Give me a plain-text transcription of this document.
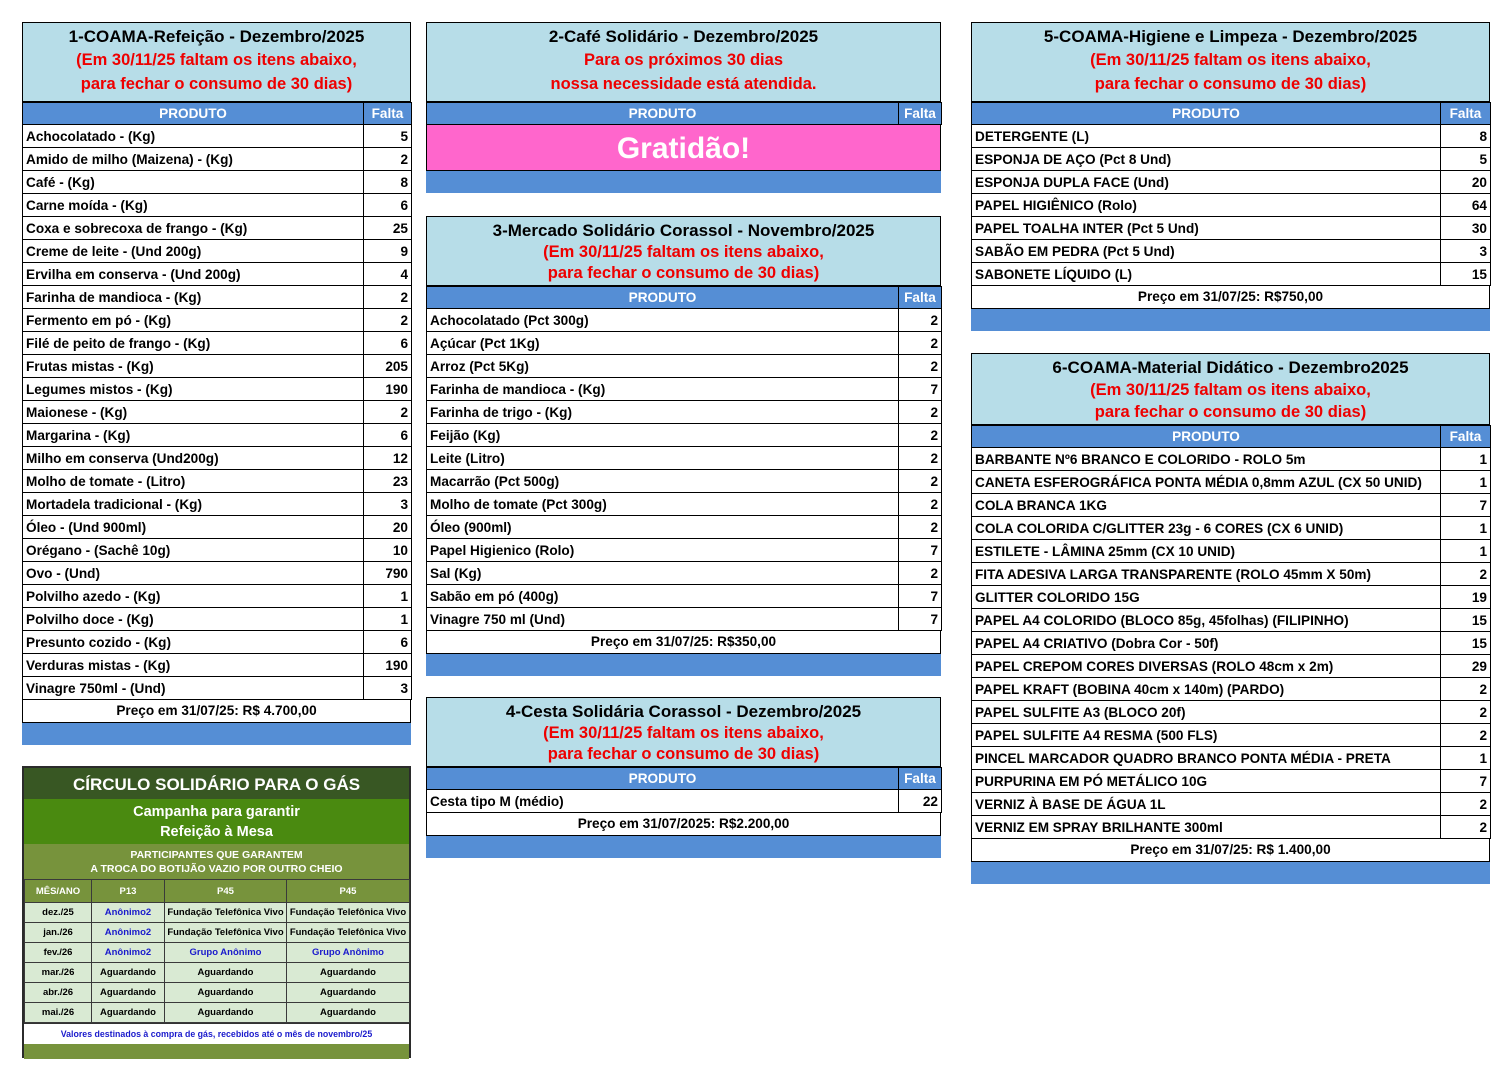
1-COAMA-Refeição - Dezembro/2025
(Em 30/11/25 faltam os itens abaixo,
para fechar o consumo de 30 dias)
PRODUTO	Falta
Achocolatado - (Kg)	5
Amido de milho (Maizena) - (Kg)	2
Café - (Kg)	8
Carne moída - (Kg)	6
Coxa e sobrecoxa de frango - (Kg)	25
Creme de leite - (Und 200g)	9
Ervilha em conserva - (Und 200g)	4
Farinha de mandioca - (Kg)	2
Fermento em pó - (Kg)	2
Filé de peito de frango - (Kg)	6
Frutas mistas - (Kg)	205
Legumes mistos - (Kg)	190
Maionese - (Kg)	2
Margarina - (Kg)	6
Milho em conserva (Und200g)	12
Molho de tomate - (Litro)	23
Mortadela tradicional - (Kg)	3
Óleo - (Und 900ml)	20
Orégano - (Sachê 10g)	10
Ovo - (Und)	790
Polvilho azedo - (Kg)	1
Polvilho doce - (Kg)	1
Presunto cozido - (Kg)	6
Verduras mistas - (Kg)	190
Vinagre 750ml - (Und)	3
Preço em 31/07/25: R$ 4.700,00
2-Café Solidário - Dezembro/2025
Para os próximos 30 dias
nossa necessidade está atendida.
PRODUTO	Falta
Gratidão!
3-Mercado Solidário Corassol - Novembro/2025
(Em 30/11/25 faltam os itens abaixo,
para fechar o consumo de 30 dias)
PRODUTO	Falta
Achocolatado (Pct 300g)	2
Açúcar (Pct 1Kg)	2
Arroz (Pct 5Kg)	2
Farinha de mandioca - (Kg)	7
Farinha de trigo - (Kg)	2
Feijão (Kg)	2
Leite (Litro)	2
Macarrão (Pct 500g)	2
Molho de tomate (Pct 300g)	2
Óleo (900ml)	2
Papel Higienico (Rolo)	7
Sal (Kg)	2
Sabão em pó (400g)	7
Vinagre 750 ml (Und)	7
Preço em 31/07/25: R$350,00
4-Cesta Solidária Corassol - Dezembro/2025
(Em 30/11/25 faltam os itens abaixo,
para fechar o consumo de 30 dias)
PRODUTO	Falta
Cesta tipo M (médio)	22
Preço em 31/07/2025: R$2.200,00
5-COAMA-Higiene e Limpeza - Dezembro/2025
(Em 30/11/25 faltam os itens abaixo,
para fechar o consumo de 30 dias)
PRODUTO	Falta
DETERGENTE (L)	8
ESPONJA DE AÇO (Pct 8 Und)	5
ESPONJA DUPLA FACE (Und)	20
PAPEL HIGIÊNICO (Rolo)	64
PAPEL TOALHA INTER (Pct 5 Und)	30
SABÃO EM PEDRA (Pct 5 Und)	3
SABONETE LÍQUIDO (L)	15
Preço em 31/07/25: R$750,00
6-COAMA-Material Didático - Dezembro2025
(Em 30/11/25 faltam os itens abaixo,
para fechar o consumo de 30 dias)
PRODUTO	Falta
BARBANTE Nº6 BRANCO E COLORIDO - ROLO 5m	1
CANETA ESFEROGRÁFICA PONTA MÉDIA 0,8mm AZUL (CX 50 UNID)	1
COLA BRANCA 1KG	7
COLA COLORIDA C/GLITTER 23g - 6 CORES (CX 6 UNID)	1
ESTILETE - LÂMINA 25mm (CX 10 UNID)	1
FITA ADESIVA LARGA TRANSPARENTE (ROLO 45mm X 50m)	2
GLITTER COLORIDO 15G	19
PAPEL A4 COLORIDO (BLOCO 85g, 45folhas) (FILIPINHO)	15
PAPEL A4 CRIATIVO (Dobra Cor - 50f)	15
PAPEL CREPOM CORES DIVERSAS (ROLO 48cm x 2m)	29
PAPEL KRAFT (BOBINA 40cm x 140m) (PARDO)	2
PAPEL SULFITE A3 (BLOCO 20f)	2
PAPEL SULFITE A4 RESMA (500 FLS)	2
PINCEL MARCADOR QUADRO BRANCO PONTA MÉDIA - PRETA	1
PURPURINA EM PÓ METÁLICO 10G	7
VERNIZ À BASE DE ÁGUA 1L	2
VERNIZ EM SPRAY BRILHANTE 300ml	2
Preço em 31/07/25: R$ 1.400,00
CÍRCULO SOLIDÁRIO PARA O GÁS
Campanha para garantir
Refeição à Mesa
PARTICIPANTES QUE GARANTEM
A TROCA DO BOTIJÃO VAZIO POR OUTRO CHEIO
MÊS/ANO	P13	P45	P45
dez./25	Anônimo2	Fundação Telefônica Vivo	Fundação Telefônica Vivo
jan./26	Anônimo2	Fundação Telefônica Vivo	Fundação Telefônica Vivo
fev./26	Anônimo2	Grupo Anônimo	Grupo Anônimo
mar./26	Aguardando	Aguardando	Aguardando
abr./26	Aguardando	Aguardando	Aguardando
mai./26	Aguardando	Aguardando	Aguardando
Valores destinados à compra de gás, recebidos até o mês de novembro/25
